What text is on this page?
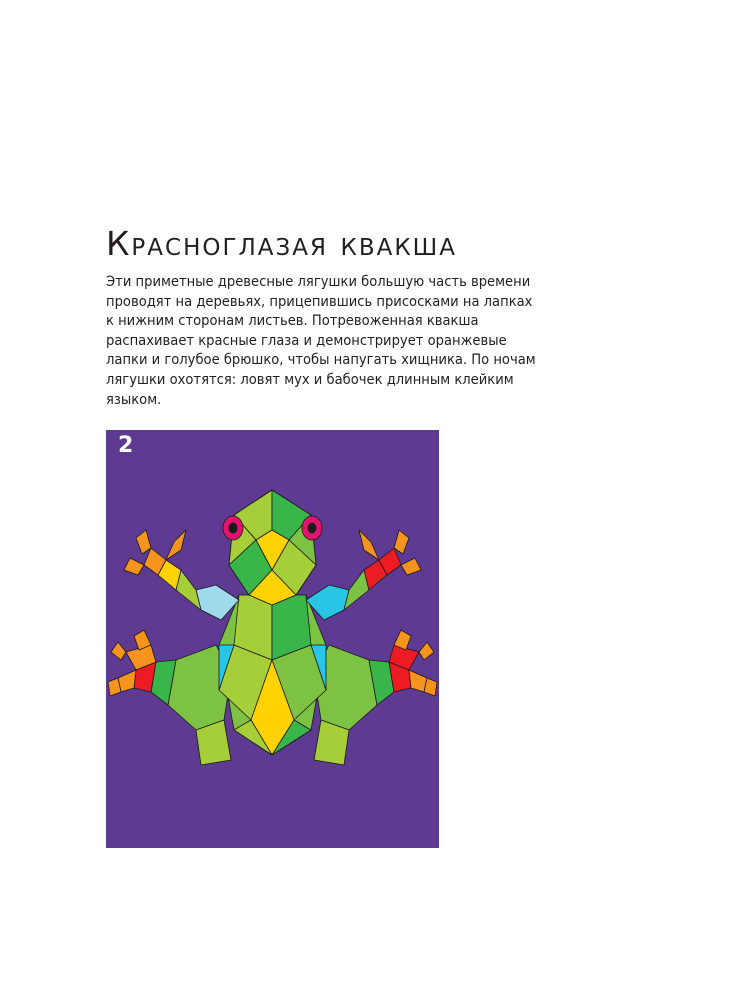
Красноглазая квакша
Эти приметные древесные лягушки большую часть времени
проводят на деревьях, прицепившись присосками на лапках
к нижним сторонам листьев. Потревоженная квакша
распахивает красные глаза и демонстрирует оранжевые
лапки и голубое брюшко, чтобы напугать хищника. По ночам
лягушки охотятся: ловят мух и бабочек длинным клейким
языком.
2
